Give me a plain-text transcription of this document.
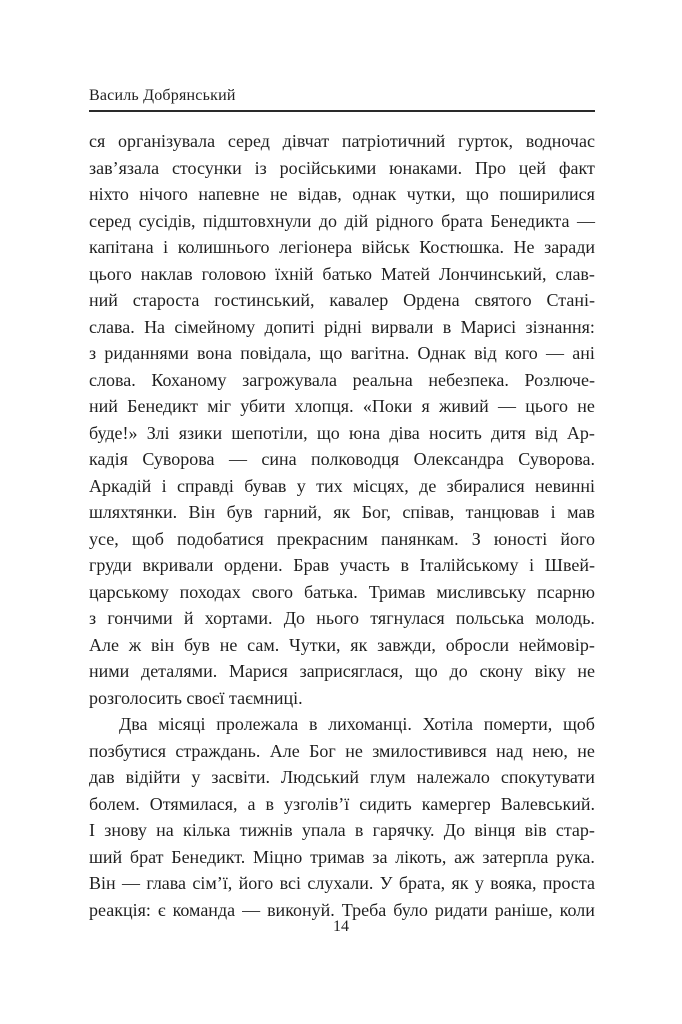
Василь Добрянський
ся організувала серед дівчат патріотичний гурток, водночас
зав’язала стосунки із російськими юнаками. Про цей факт
ніхто нічого напевне не відав, однак чутки, що поширилися
серед сусідів, підштовхнули до дій рідного брата Бенедикта —
капітана і колишнього легіонера військ Костюшка. Не заради
цього наклав головою їхній батько Матей Лончинський, слав-
ний староста гостинський, кавалер Ордена святого Стані-
слава. На сімейному допиті рідні вирвали в Марисі зізнання:
з риданнями вона повідала, що вагітна. Однак від кого — ані
слова. Коханому загрожувала реальна небезпека. Розлюче-
ний Бенедикт міг убити хлопця. «Поки я живий — цього не
буде!» Злі язики шепотіли, що юна діва носить дитя від Ар-
кадія Суворова — сина полководця Олександра Суворова.
Аркадій і справді бував у тих місцях, де збиралися невинні
шляхтянки. Він був гарний, як Бог, співав, танцював і мав
усе, щоб подобатися прекрасним панянкам. З юності його
груди вкривали ордени. Брав участь в Італійському і Швей-
царському походах свого батька. Тримав мисливську псарню
з гончими й хортами. До нього тягнулася польська молодь.
Але ж він був не сам. Чутки, як завжди, обросли неймовір-
ними деталями. Марися заприсяглася, що до скону віку не
розголосить своєї таємниці.
Два місяці пролежала в лихоманці. Хотіла померти, щоб
позбутися страждань. Але Бог не змилостивився над нею, не
дав відійти у засвіти. Людський глум належало спокутувати
болем. Отямилася, а в узголів’ї сидить камергер Валевський.
І знову на кілька тижнів упала в гарячку. До вінця вів стар-
ший брат Бенедикт. Міцно тримав за лікоть, аж затерпла рука.
Він — глава сім’ї, його всі слухали. У брата, як у вояка, проста
реакція: є команда — виконуй. Треба було ридати раніше, коли
14
